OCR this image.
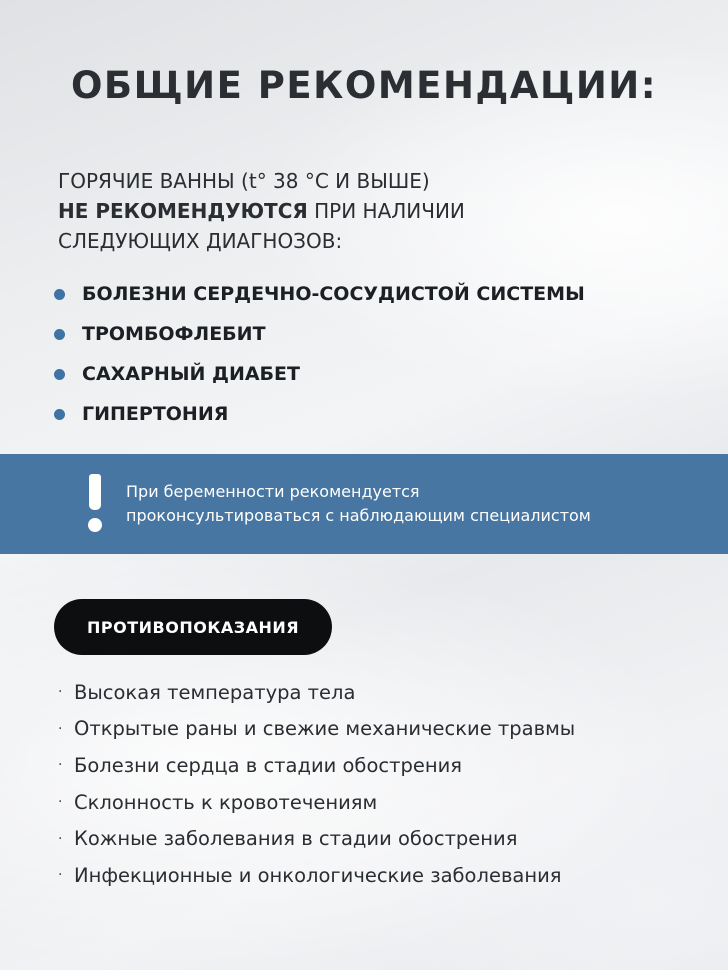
ОБЩИЕ РЕКОМЕНДАЦИИ:

ГОРЯЧИЕ ВАННЫ (t° 38 °С И ВЫШЕ)
НЕ РЕКОМЕНДУЮТСЯ ПРИ НАЛИЧИИ
СЛЕДУЮЩИХ ДИАГНОЗОВ:

БОЛЕЗНИ СЕРДЕЧНО-СОСУДИСТОЙ СИСТЕМЫ
ТРОМБОФЛЕБИТ
САХАРНЫЙ ДИАБЕТ
ГИПЕРТОНИЯ
При беременности рекомендуется
проконсультироваться с наблюдающим специалистом
ПРОТИВОПОКАЗАНИЯ
· Высокая температура тела
· Открытые раны и свежие механические травмы
· Болезни сердца в стадии обострения
· Склонность к кровотечениям
· Кожные заболевания в стадии обострения
· Инфекционные и онкологические заболевания
